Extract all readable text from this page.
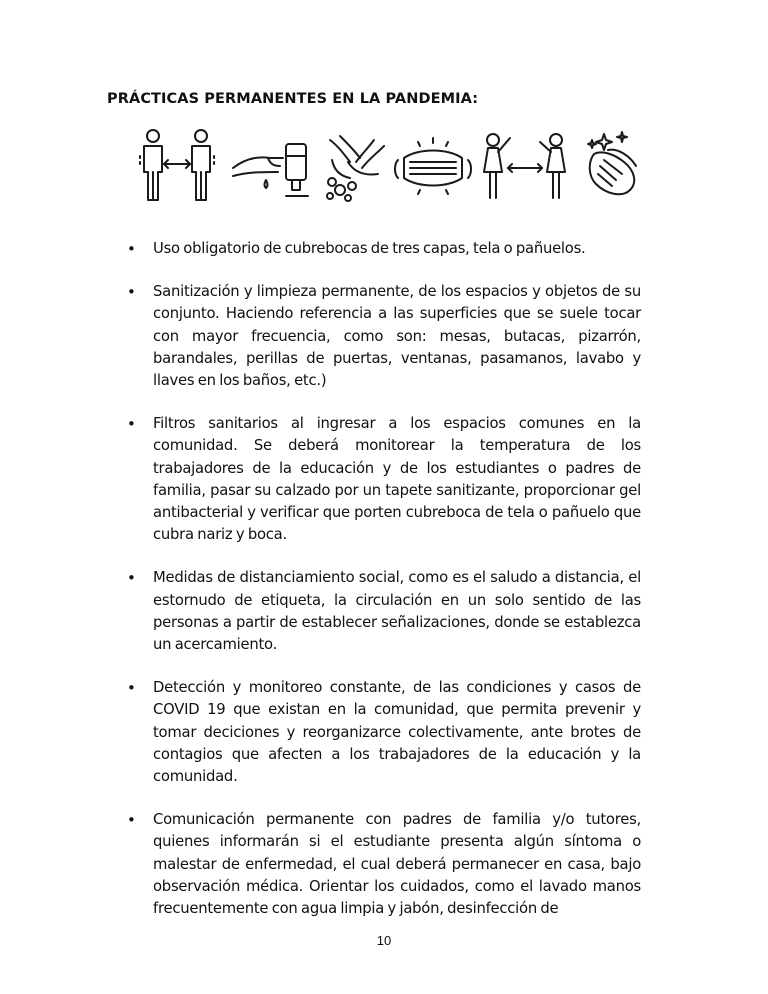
PRÁCTICAS PERMANENTES EN LA PANDEMIA:
• Uso obligatorio de cubrebocas de tres capas, tela o pañuelos.
• Sanitización y limpieza permanente, de los espacios y objetos de su conjunto. Haciendo referencia a las superficies que se suele tocar con mayor frecuencia, como son: mesas, butacas, pizarrón, barandales, perillas de puertas, ventanas, pasamanos, lavabo y llaves en los baños, etc.)
• Filtros sanitarios al ingresar a los espacios comunes en la comunidad. Se deberá monitorear la temperatura de los trabajadores de la educación y de los estudiantes o padres de familia, pasar su calzado por un tapete sanitizante, proporcionar gel antibacterial y verificar que porten cubreboca de tela o pañuelo que cubra nariz y boca.
• Medidas de distanciamiento social, como es el saludo a distancia, el estornudo de etiqueta, la circulación en un solo sentido de las personas a partir de establecer señalizaciones, donde se establezca un acercamiento.
• Detección y monitoreo constante, de las condiciones y casos de COVID 19 que existan en la comunidad, que permita prevenir y tomar deciciones y reorganizarce colectivamente, ante brotes de contagios que afecten a los trabajadores de la educación y la comunidad.
• Comunicación permanente con padres de familia y/o tutores, quienes informarán si el estudiante presenta algún síntoma o malestar de enfermedad, el cual deberá permanecer en casa, bajo observación médica. Orientar los cuidados, como el lavado manos frecuentemente con agua limpia y jabón, desinfección de
10
